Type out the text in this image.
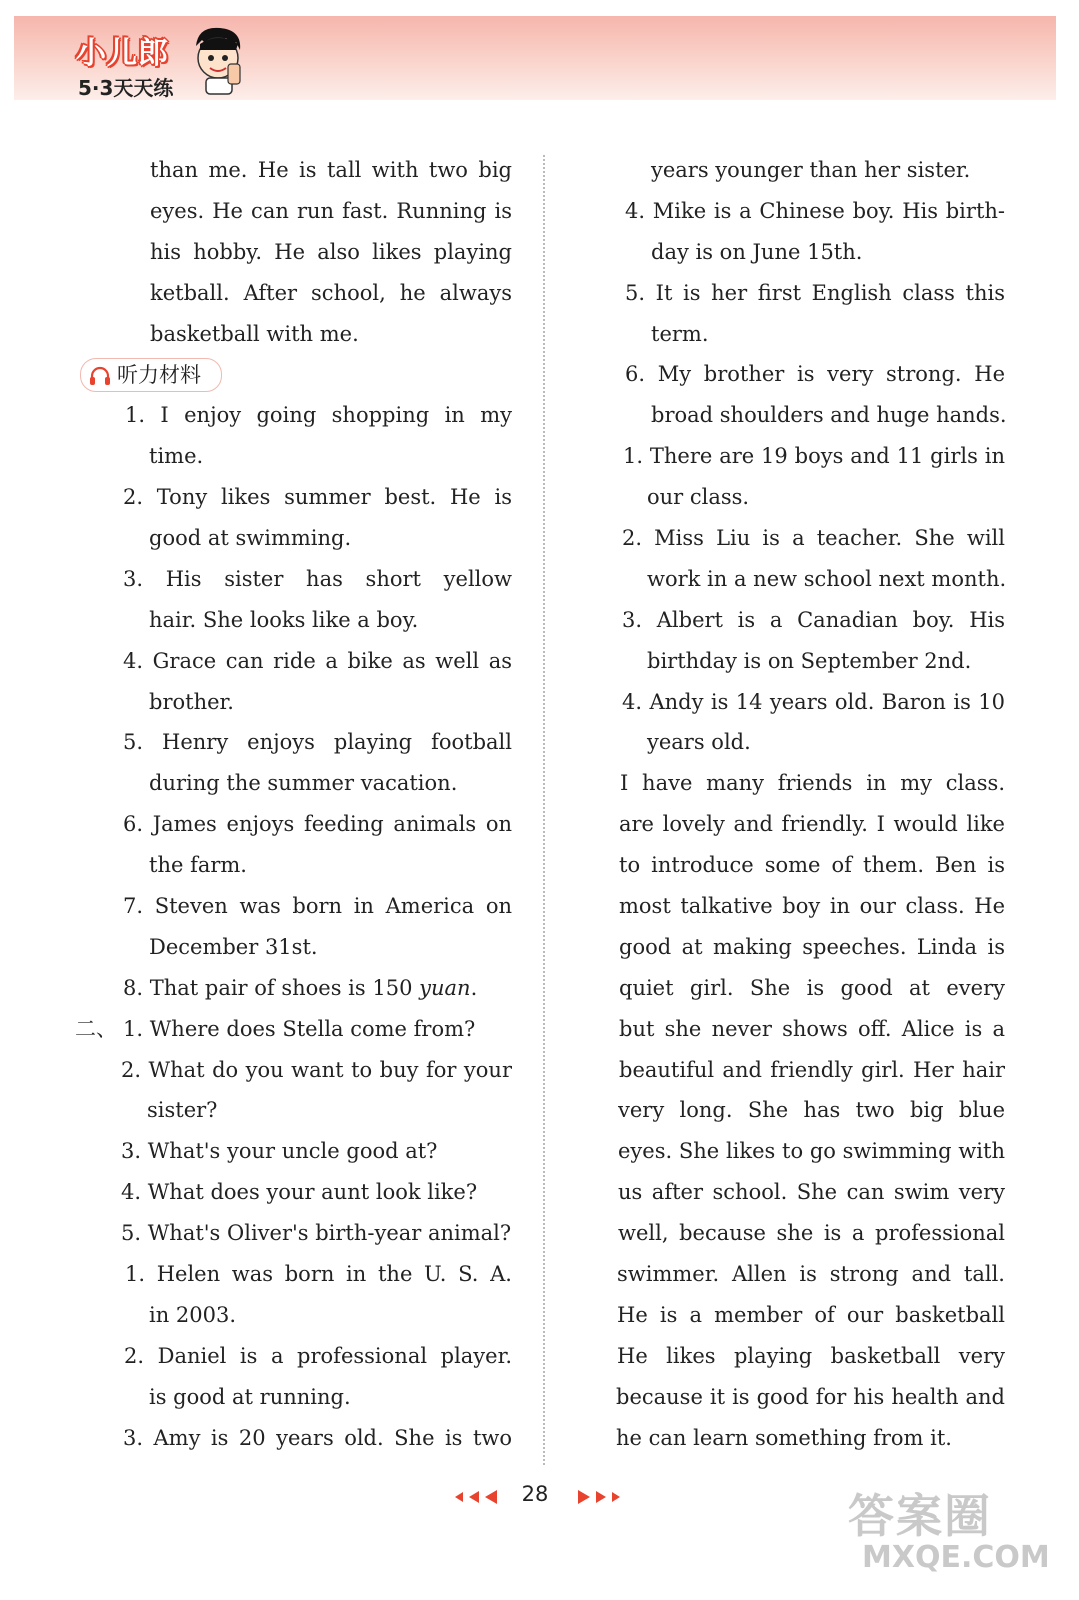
小儿郎
5·3天天练
than me. He is tall with two big
eyes. He can run fast. Running is
his hobby. He also likes playing
ketball. After school, he always
basketball with me.
听力材料
1. I enjoy going shopping in my
time.
2. Tony likes summer best. He is
good at swimming.
3. His sister has short yellow
hair. She looks like a boy.
4. Grace can ride a bike as well as
brother.
5. Henry enjoys playing football
during the summer vacation.
6. James enjoys feeding animals on
the farm.
7. Steven was born in America on
December 31st.
8. That pair of shoes is 150 yuan.
二、 1. Where does Stella come from?
2. What do you want to buy for your
sister?
3. What's your uncle good at?
4. What does your aunt look like?
5. What's Oliver's birth-year animal?
1. Helen was born in the U. S. A.
in 2003.
2. Daniel is a professional player.
is good at running.
3. Amy is 20 years old. She is two
years younger than her sister.
4. Mike is a Chinese boy. His birth-
day is on June 15th.
5. It is her first English class this
term.
6. My brother is very strong. He
broad shoulders and huge hands.
1. There are 19 boys and 11 girls in
our class.
2. Miss Liu is a teacher. She will
work in a new school next month.
3. Albert is a Canadian boy. His
birthday is on September 2nd.
4. Andy is 14 years old. Baron is 10
years old.
I have many friends in my class.
are lovely and friendly. I would like
to introduce some of them. Ben is
most talkative boy in our class. He
good at making speeches. Linda is
quiet girl. She is good at every
but she never shows off. Alice is a
beautiful and friendly girl. Her hair
very long. She has two big blue
eyes. She likes to go swimming with
us after school. She can swim very
well, because she is a professional
swimmer. Allen is strong and tall.
He is a member of our basketball
He likes playing basketball very
because it is good for his health and
he can learn something from it.
28	答案圈
MXQE.COM
